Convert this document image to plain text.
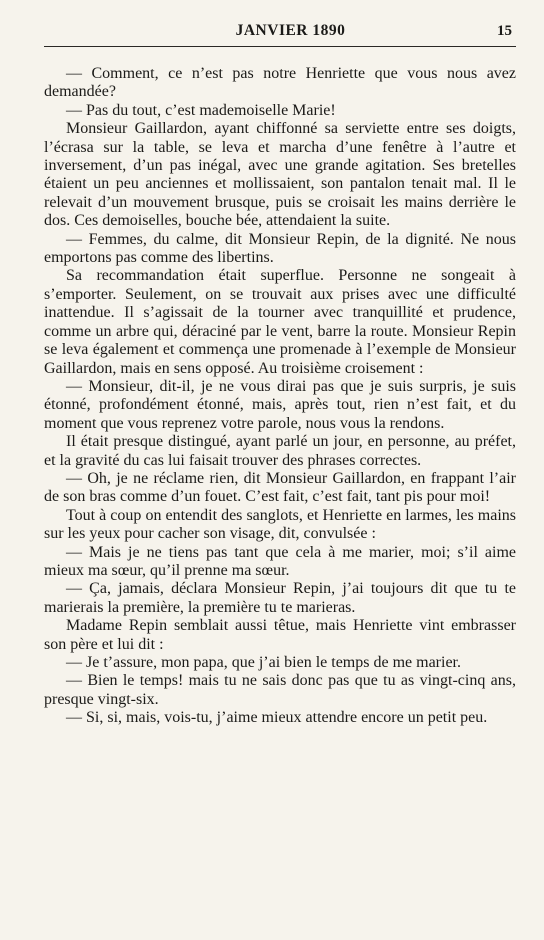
JANVIER 1890	15

— Comment, ce n’est pas notre Henriette que vous nous avez demandée?

— Pas du tout, c’est mademoiselle Marie!

Monsieur Gaillardon, ayant chiffonné sa serviette entre ses doigts, l’écrasa sur la table, se leva et marcha d’une fenêtre à l’autre et inversement, d’un pas inégal, avec une grande agitation. Ses bretelles étaient un peu anciennes et mollissaient, son pantalon tenait mal. Il le relevait d’un mouvement brusque, puis se croisait les mains derrière le dos. Ces demoiselles, bouche bée, attendaient la suite.

— Femmes, du calme, dit Monsieur Repin, de la dignité. Ne nous emportons pas comme des libertins.

Sa recommandation était superflue. Personne ne songeait à s’emporter. Seulement, on se trouvait aux prises avec une difficulté inattendue. Il s’agissait de la tourner avec tranquillité et prudence, comme un arbre qui, déraciné par le vent, barre la route. Monsieur Repin se leva également et commença une promenade à l’exemple de Monsieur Gaillardon, mais en sens opposé. Au troisième croisement :

— Monsieur, dit-il, je ne vous dirai pas que je suis surpris, je suis étonné, profondément étonné, mais, après tout, rien n’est fait, et du moment que vous reprenez votre parole, nous vous la rendons.

Il était presque distingué, ayant parlé un jour, en personne, au préfet, et la gravité du cas lui faisait trouver des phrases correctes.

— Oh, je ne réclame rien, dit Monsieur Gaillardon, en frappant l’air de son bras comme d’un fouet. C’est fait, c’est fait, tant pis pour moi!

Tout à coup on entendit des sanglots, et Henriette en larmes, les mains sur les yeux pour cacher son visage, dit, convulsée :

— Mais je ne tiens pas tant que cela à me marier, moi; s’il aime mieux ma sœur, qu’il prenne ma sœur.

— Ça, jamais, déclara Monsieur Repin, j’ai toujours dit que tu te marierais la première, la première tu te marieras.

Madame Repin semblait aussi têtue, mais Henriette vint embrasser son père et lui dit :

— Je t’assure, mon papa, que j’ai bien le temps de me marier.

— Bien le temps! mais tu ne sais donc pas que tu as vingt-cinq ans, presque vingt-six.

— Si, si, mais, vois-tu, j’aime mieux attendre encore un petit peu.
